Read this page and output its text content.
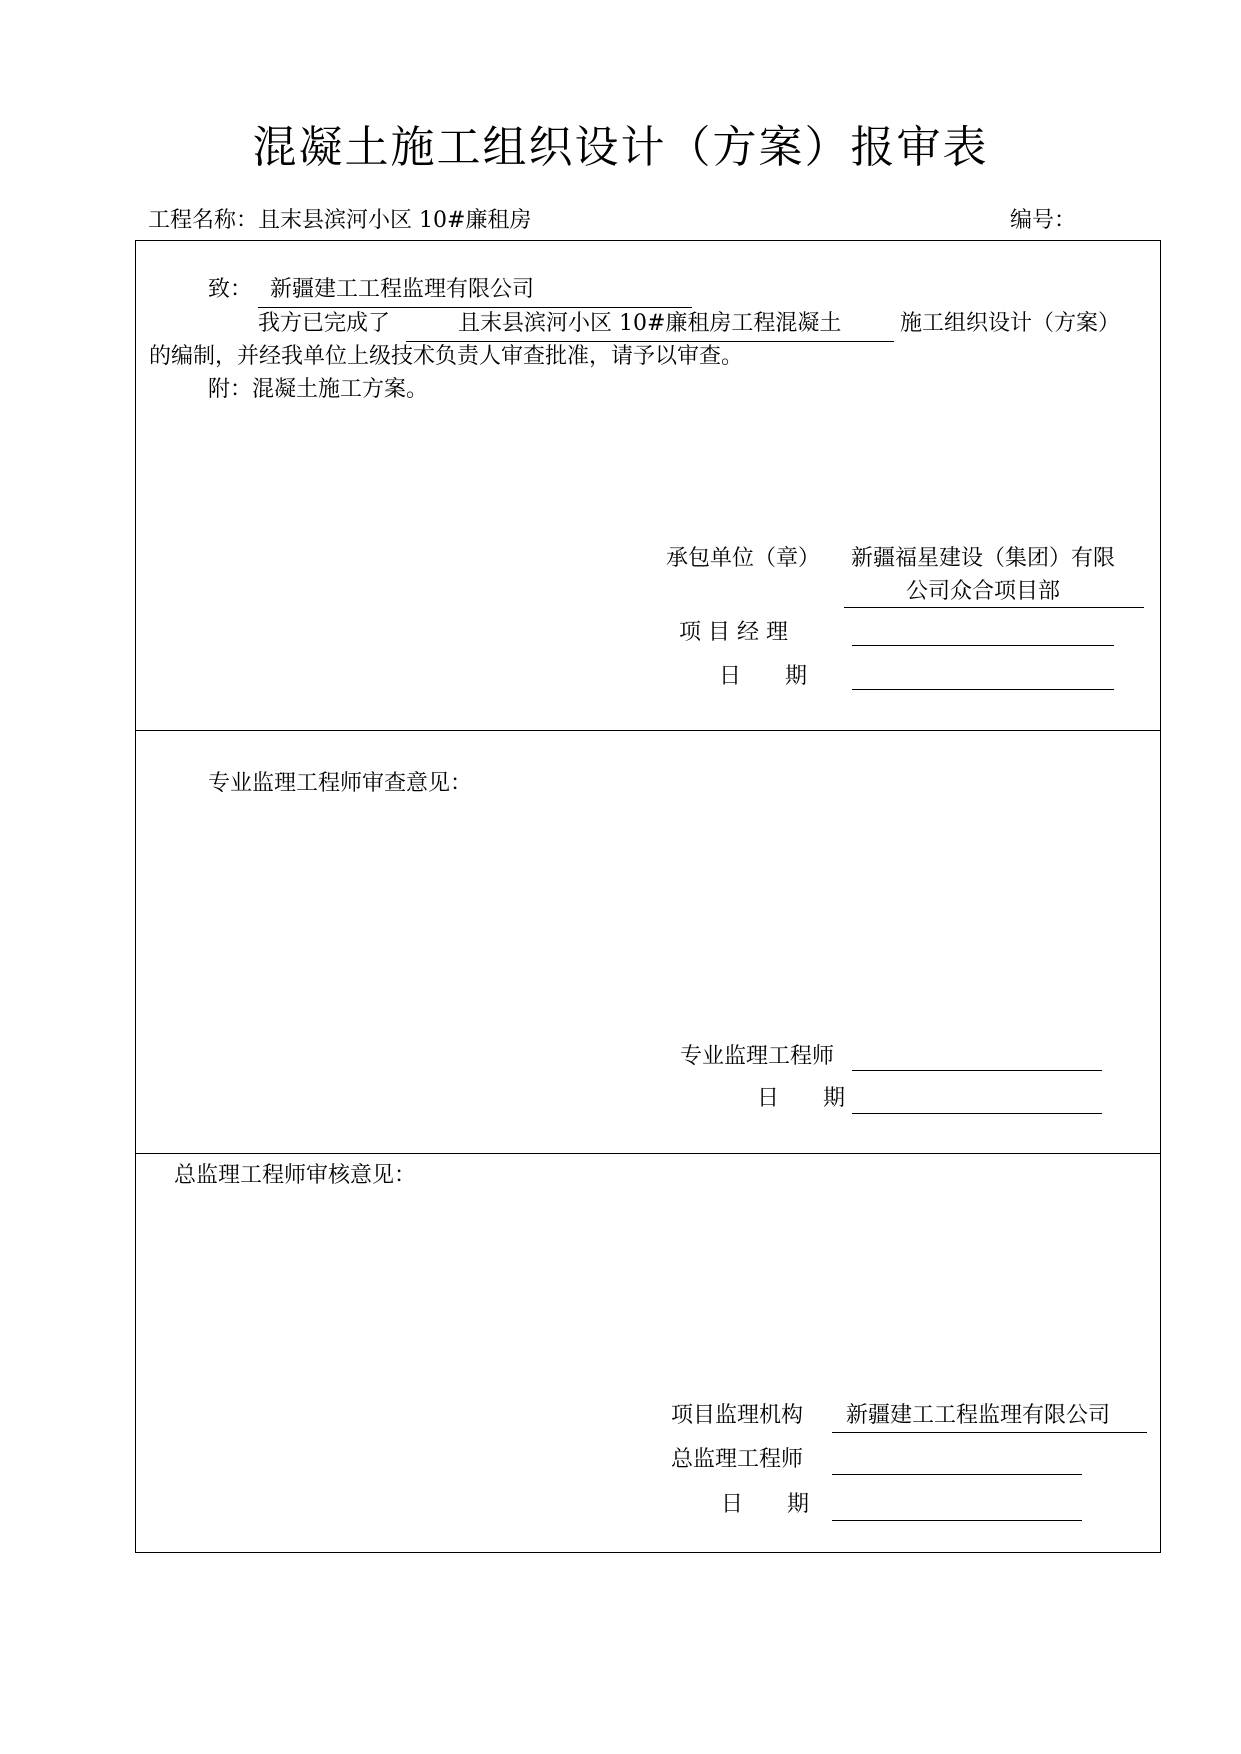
混凝土施工组织设计（方案）报审表
工程名称：且末县滨河小区 10#廉租房	编号：
致： 新疆建工工程监理有限公司
我方已完成了	且末县滨河小区 10#廉租房工程混凝土	施工组织设计（方案）
的编制，并经我单位上级技术负责人审查批准，请予以审查。
附：混凝土施工方案。
承包单位（章） 新疆福星建设（集团）有限
公司众合项目部
项 目 经 理
日　　期
专业监理工程师审查意见：
专业监理工程师
日　　期
总监理工程师审核意见：
项目监理机构 新疆建工工程监理有限公司
总监理工程师
日　　期
